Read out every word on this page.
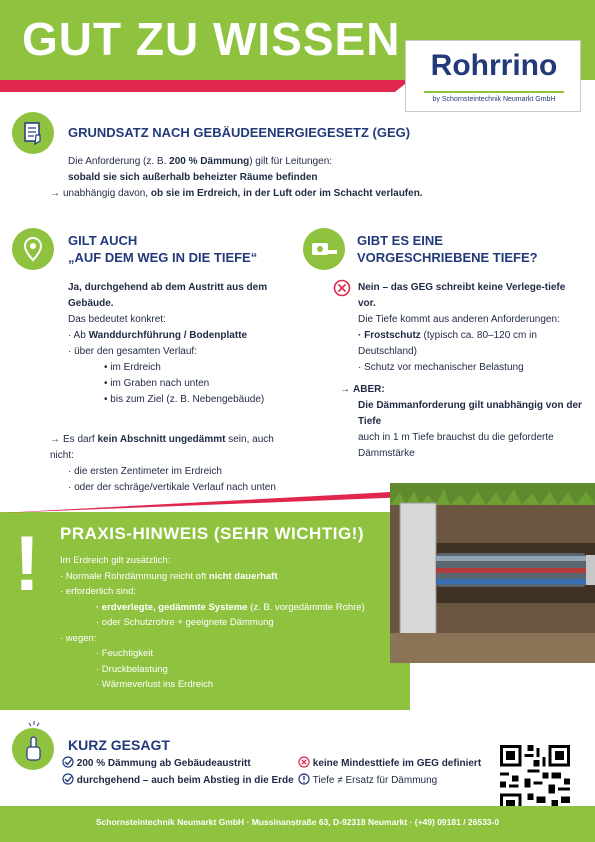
GUT ZU WISSEN
Rohrrino
by Schornsteintechnik Neumarkt GmbH
GRUNDSATZ NACH GEBÄUDEENERGIEGESETZ (GEG)
Die Anforderung (z. B. 200 % Dämmung) gilt für Leitungen:
sobald sie sich außerhalb beheizter Räume befinden
→ unabhängig davon, ob sie im Erdreich, in der Luft oder im Schacht verlaufen.
GILT AUCH
„AUF DEM WEG IN DIE TIEFE“
Ja, durchgehend ab dem Austritt aus dem Gebäude.
Das bedeutet konkret:
· Ab Wanddurchführung / Bodenplatte
· über den gesamten Verlauf:
• im Erdreich
• im Graben nach unten
• bis zum Ziel (z. B. Nebengebäude)
→ Es darf kein Abschnitt ungedämmt sein, auch nicht:
· die ersten Zentimeter im Erdreich
· oder der schräge/vertikale Verlauf nach unten
GIBT ES EINE
VORGESCHRIEBENE TIEFE?
Nein – das GEG schreibt keine Verlege-tiefe vor.
Die Tiefe kommt aus anderen Anforderungen:
· Frostschutz (typisch ca. 80–120 cm in Deutschland)
· Schutz vor mechanischer Belastung
→ ABER:
Die Dämmanforderung gilt unabhängig von der Tiefe
auch in 1 m Tiefe brauchst du die geforderte Dämmstärke
! PRAXIS-HINWEIS (SEHR WICHTIG!)
Im Erdreich gilt zusätzlich:
· Normale Rohrdämmung reicht oft nicht dauerhaft
· erforderlich sind:
· erdverlegte, gedämmte Systeme (z. B. vorgedämmte Rohre)
· oder Schutzrohre + geeignete Dämmung
· wegen:
· Feuchtigkeit
· Druckbelastung
· Wärmeverlust ins Erdreich
KURZ GESAGT
200 % Dämmung ab Gebäudeaustritt
durchgehend – auch beim Abstieg in die Erde
keine Mindesttiefe im GEG definiert
Tiefe ≠ Ersatz für Dämmung
Schornsteintechnik Neumarkt GmbH · Mussinanstraße 63, D-92318 Neumarkt · (+49) 09181 / 26533-0
